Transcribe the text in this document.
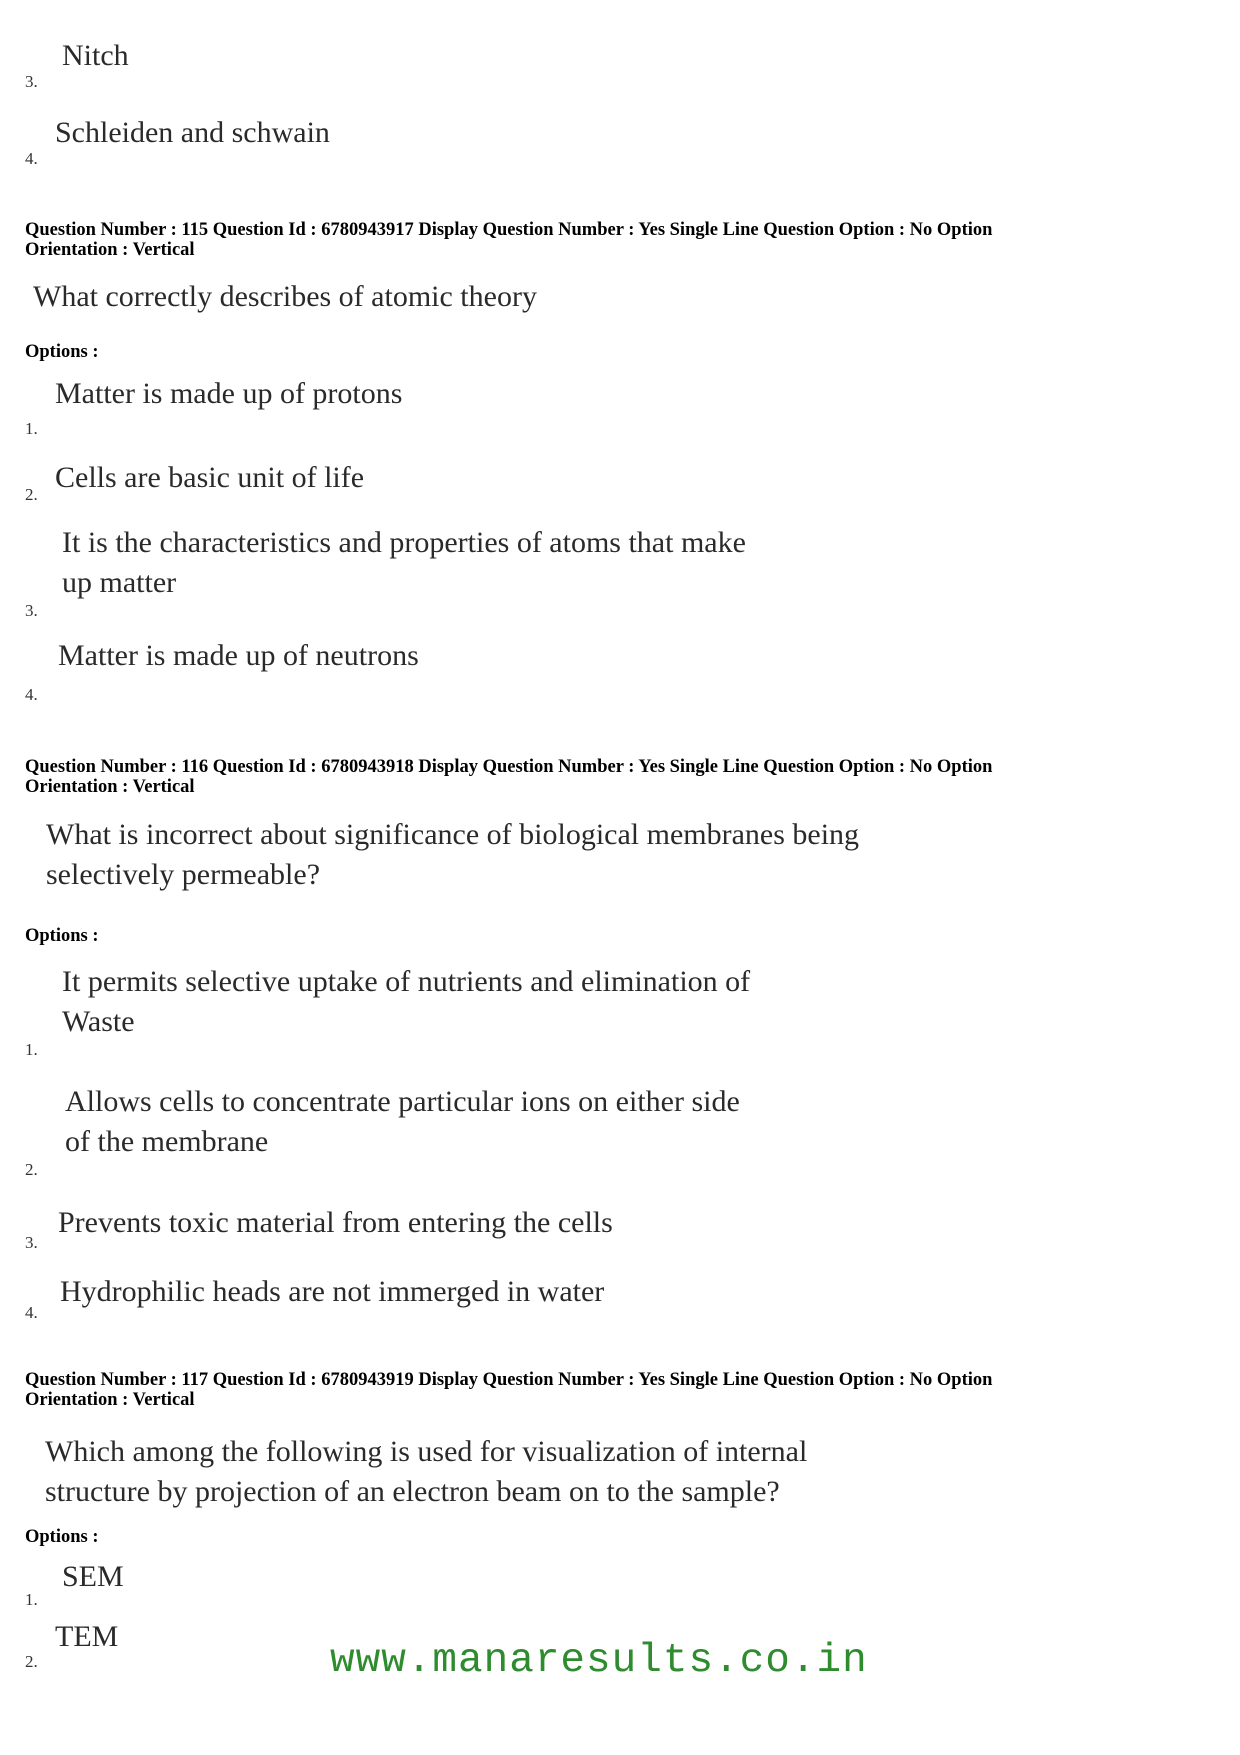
3.
Nitch
4.
Schleiden and schwain
Question Number : 115 Question Id : 6780943917 Display Question Number : Yes Single Line Question Option : No Option
Orientation : Vertical
What correctly describes of atomic theory
Options :
1.
Matter is made up of protons
2.
Cells are basic unit of life
3.
It is the characteristics and properties of atoms that make
up matter
4.
Matter is made up of neutrons
Question Number : 116 Question Id : 6780943918 Display Question Number : Yes Single Line Question Option : No Option
Orientation : Vertical
What is incorrect about significance of biological membranes being
selectively permeable?
Options :
1.
It permits selective uptake of nutrients and elimination of
Waste
2.
Allows cells to concentrate particular ions on either side
of the membrane
3.
Prevents toxic material from entering the cells
4.
Hydrophilic heads are not immerged in water
Question Number : 117 Question Id : 6780943919 Display Question Number : Yes Single Line Question Option : No Option
Orientation : Vertical
Which among the following is used for visualization of internal
structure by projection of an electron beam on to the sample?
Options :
1.
SEM
2.
TEM
www.manaresults.co.in
